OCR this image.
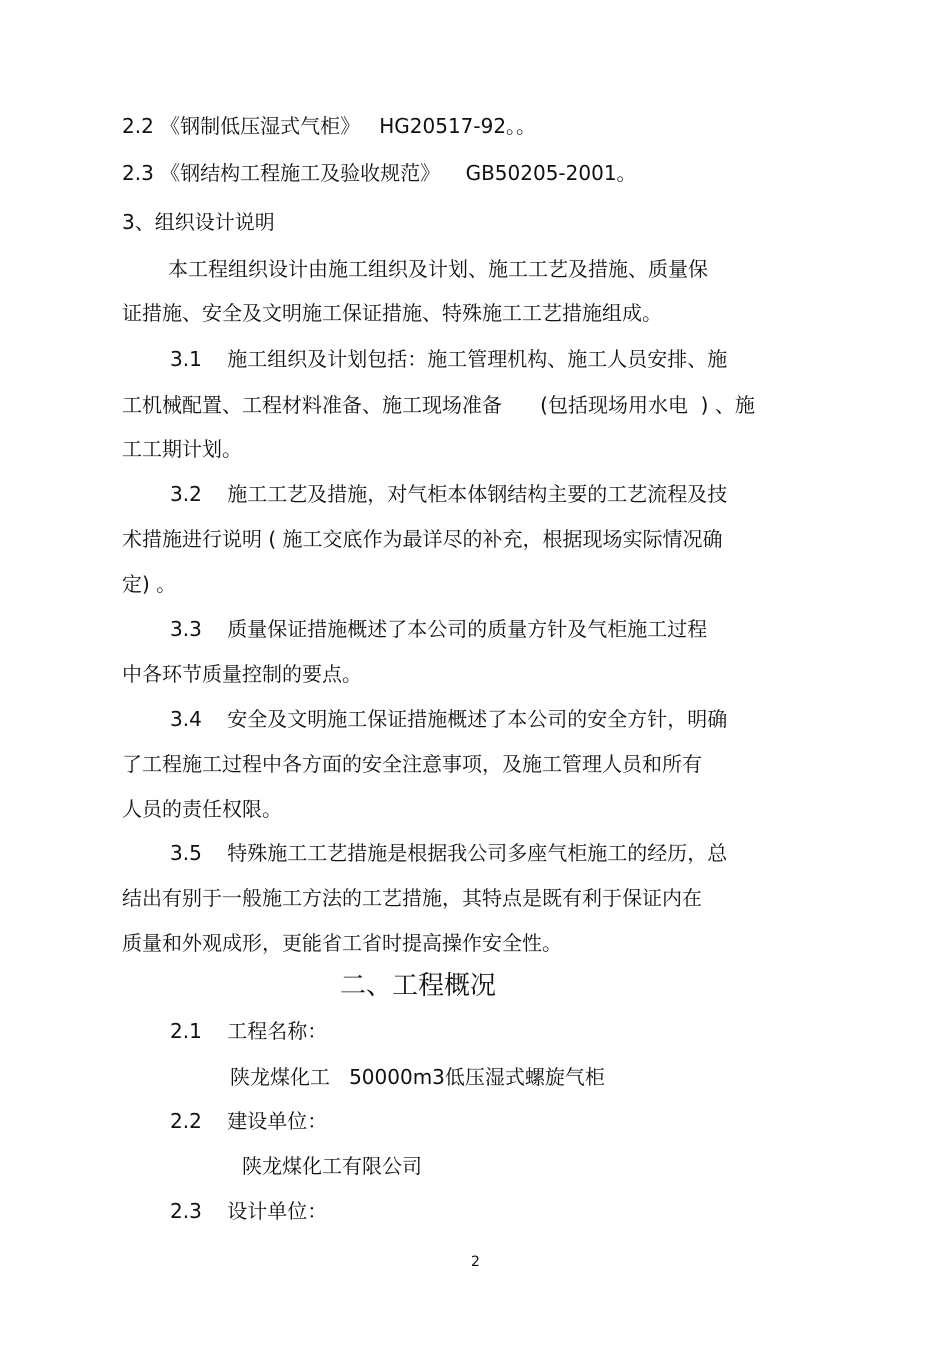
2.2 《钢制低压湿式气柜》   HG20517-92。。
2.3 《钢结构工程施工及验收规范》    GB50205-2001。
3、组织设计说明
本工程组织设计由施工组织及计划、施工工艺及措施、质量保
证措施、安全及文明施工保证措施、特殊施工工艺措施组成。
3.1    施工组织及计划包括：施工管理机构、施工人员安排、施
工机械配置、工程材料准备、施工现场准备      (包括现场用水电  ) 、施
工工期计划。
3.2    施工工艺及措施，对气柜本体钢结构主要的工艺流程及技
术措施进行说明 ( 施工交底作为最详尽的补充，根据现场实际情况确
定) 。
3.3    质量保证措施概述了本公司的质量方针及气柜施工过程
中各环节质量控制的要点。
3.4    安全及文明施工保证措施概述了本公司的安全方针，明确
了工程施工过程中各方面的安全注意事项，及施工管理人员和所有
人员的责任权限。
3.5    特殊施工工艺措施是根据我公司多座气柜施工的经历，总
结出有别于一般施工方法的工艺措施，其特点是既有利于保证内在
质量和外观成形，更能省工省时提高操作安全性。
二、工程概况
2.1    工程名称：
陕龙煤化工   50000m3低压湿式螺旋气柜
2.2    建设单位：
陕龙煤化工有限公司
2.3    设计单位：
2
